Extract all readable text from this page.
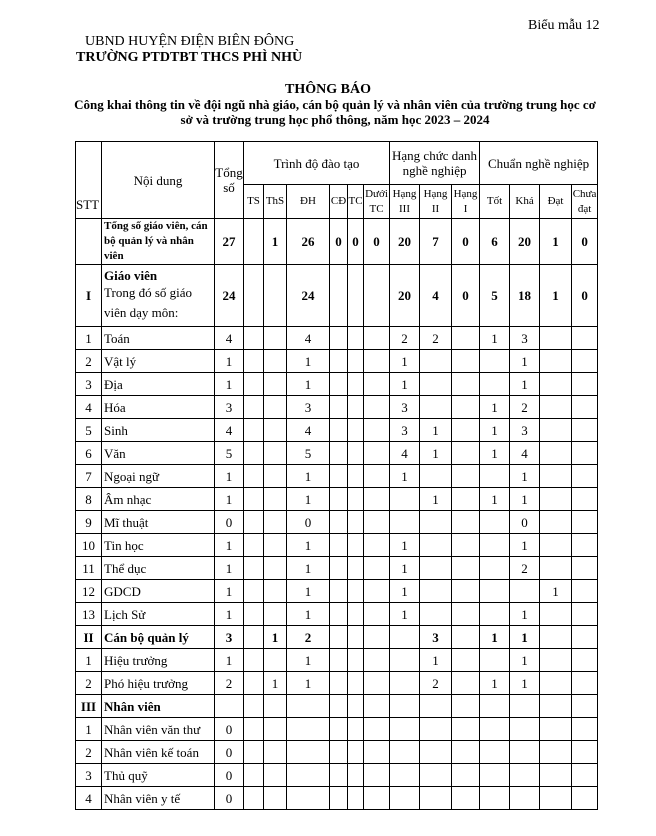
Biểu mẫu 12
UBND HUYỆN ĐIỆN BIÊN ĐÔNG
TRƯỜNG PTDTBT THCS PHÌ NHÙ
THÔNG BÁO
Công khai thông tin về đội ngũ nhà giáo, cán bộ quản lý và nhân viên của trường trung học cơ sở và trường trung học phổ thông, năm học 2023 – 2024
STT	Nội dung	Tổng số	Trình độ đào tạo						Hạng chức danh nghề nghiệp			Chuẩn nghề nghiệp			
			TS	ThS	ĐH	CĐ	TC	Dưới TC	Hạng III	Hạng II	Hạng I	Tốt	Khá	Đạt	Chưa đạt
	Tổng số giáo viên, cán bộ quản lý và nhân viên	27		1	26	0	0	0	20	7	0	6	20	1	0
I	Giáo viên
Trong đó số giáo viên dạy môn:	24			24				20	4	0	5	18	1	0
1	Toán	4			4				2	2		1	3		
2	Vật lý	1			1				1				1		
3	Địa	1			1				1				1		
4	Hóa	3			3				3			1	2		
5	Sinh	4			4				3	1		1	3		
6	Văn	5			5				4	1		1	4		
7	Ngoại ngữ	1			1				1				1		
8	Âm nhạc	1			1					1		1	1		
9	Mĩ thuật	0			0								0		
10	Tin học	1			1				1				1		
11	Thể dục	1			1				1				2		
12	GDCD	1			1				1					1	
13	Lịch Sử	1			1				1				1		
II	Cán bộ quản lý	3		1	2					3		1	1		
1	Hiệu trưởng	1			1					1			1		
2	Phó hiệu trưởng	2		1	1					2		1	1		
III	Nhân viên														
1	Nhân viên văn thư	0													
2	Nhân viên kế toán	0													
3	Thủ quỹ	0													
4	Nhân viên y tế	0													
